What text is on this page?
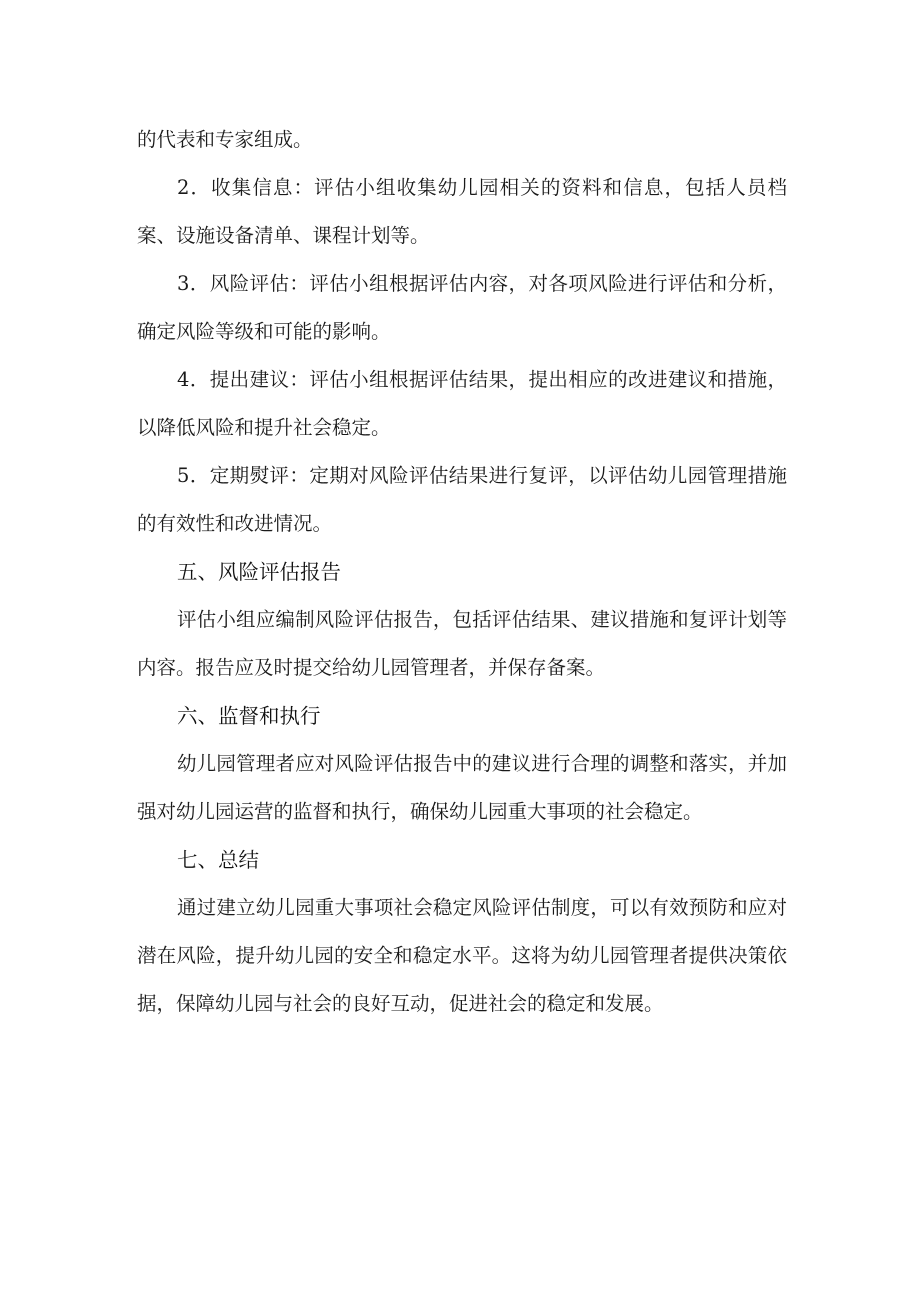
的代表和专家组成。

2．收集信息：评估小组收集幼儿园相关的资料和信息，包括人员档案、设施设备清单、课程计划等。

3．风险评估：评估小组根据评估内容，对各项风险进行评估和分析，确定风险等级和可能的影响。

4．提出建议：评估小组根据评估结果，提出相应的改进建议和措施，以降低风险和提升社会稳定。

5．定期熨评：定期对风险评估结果进行复评，以评估幼儿园管理措施的有效性和改进情况。

五、风险评估报告

评估小组应编制风险评估报告，包括评估结果、建议措施和复评计划等内容。报告应及时提交给幼儿园管理者，并保存备案。

六、监督和执行

幼儿园管理者应对风险评估报告中的建议进行合理的调整和落实，并加强对幼儿园运营的监督和执行，确保幼儿园重大事项的社会稳定。

七、总结

通过建立幼儿园重大事项社会稳定风险评估制度，可以有效预防和应对潜在风险，提升幼儿园的安全和稳定水平。这将为幼儿园管理者提供决策依据，保障幼儿园与社会的良好互动，促进社会的稳定和发展。
